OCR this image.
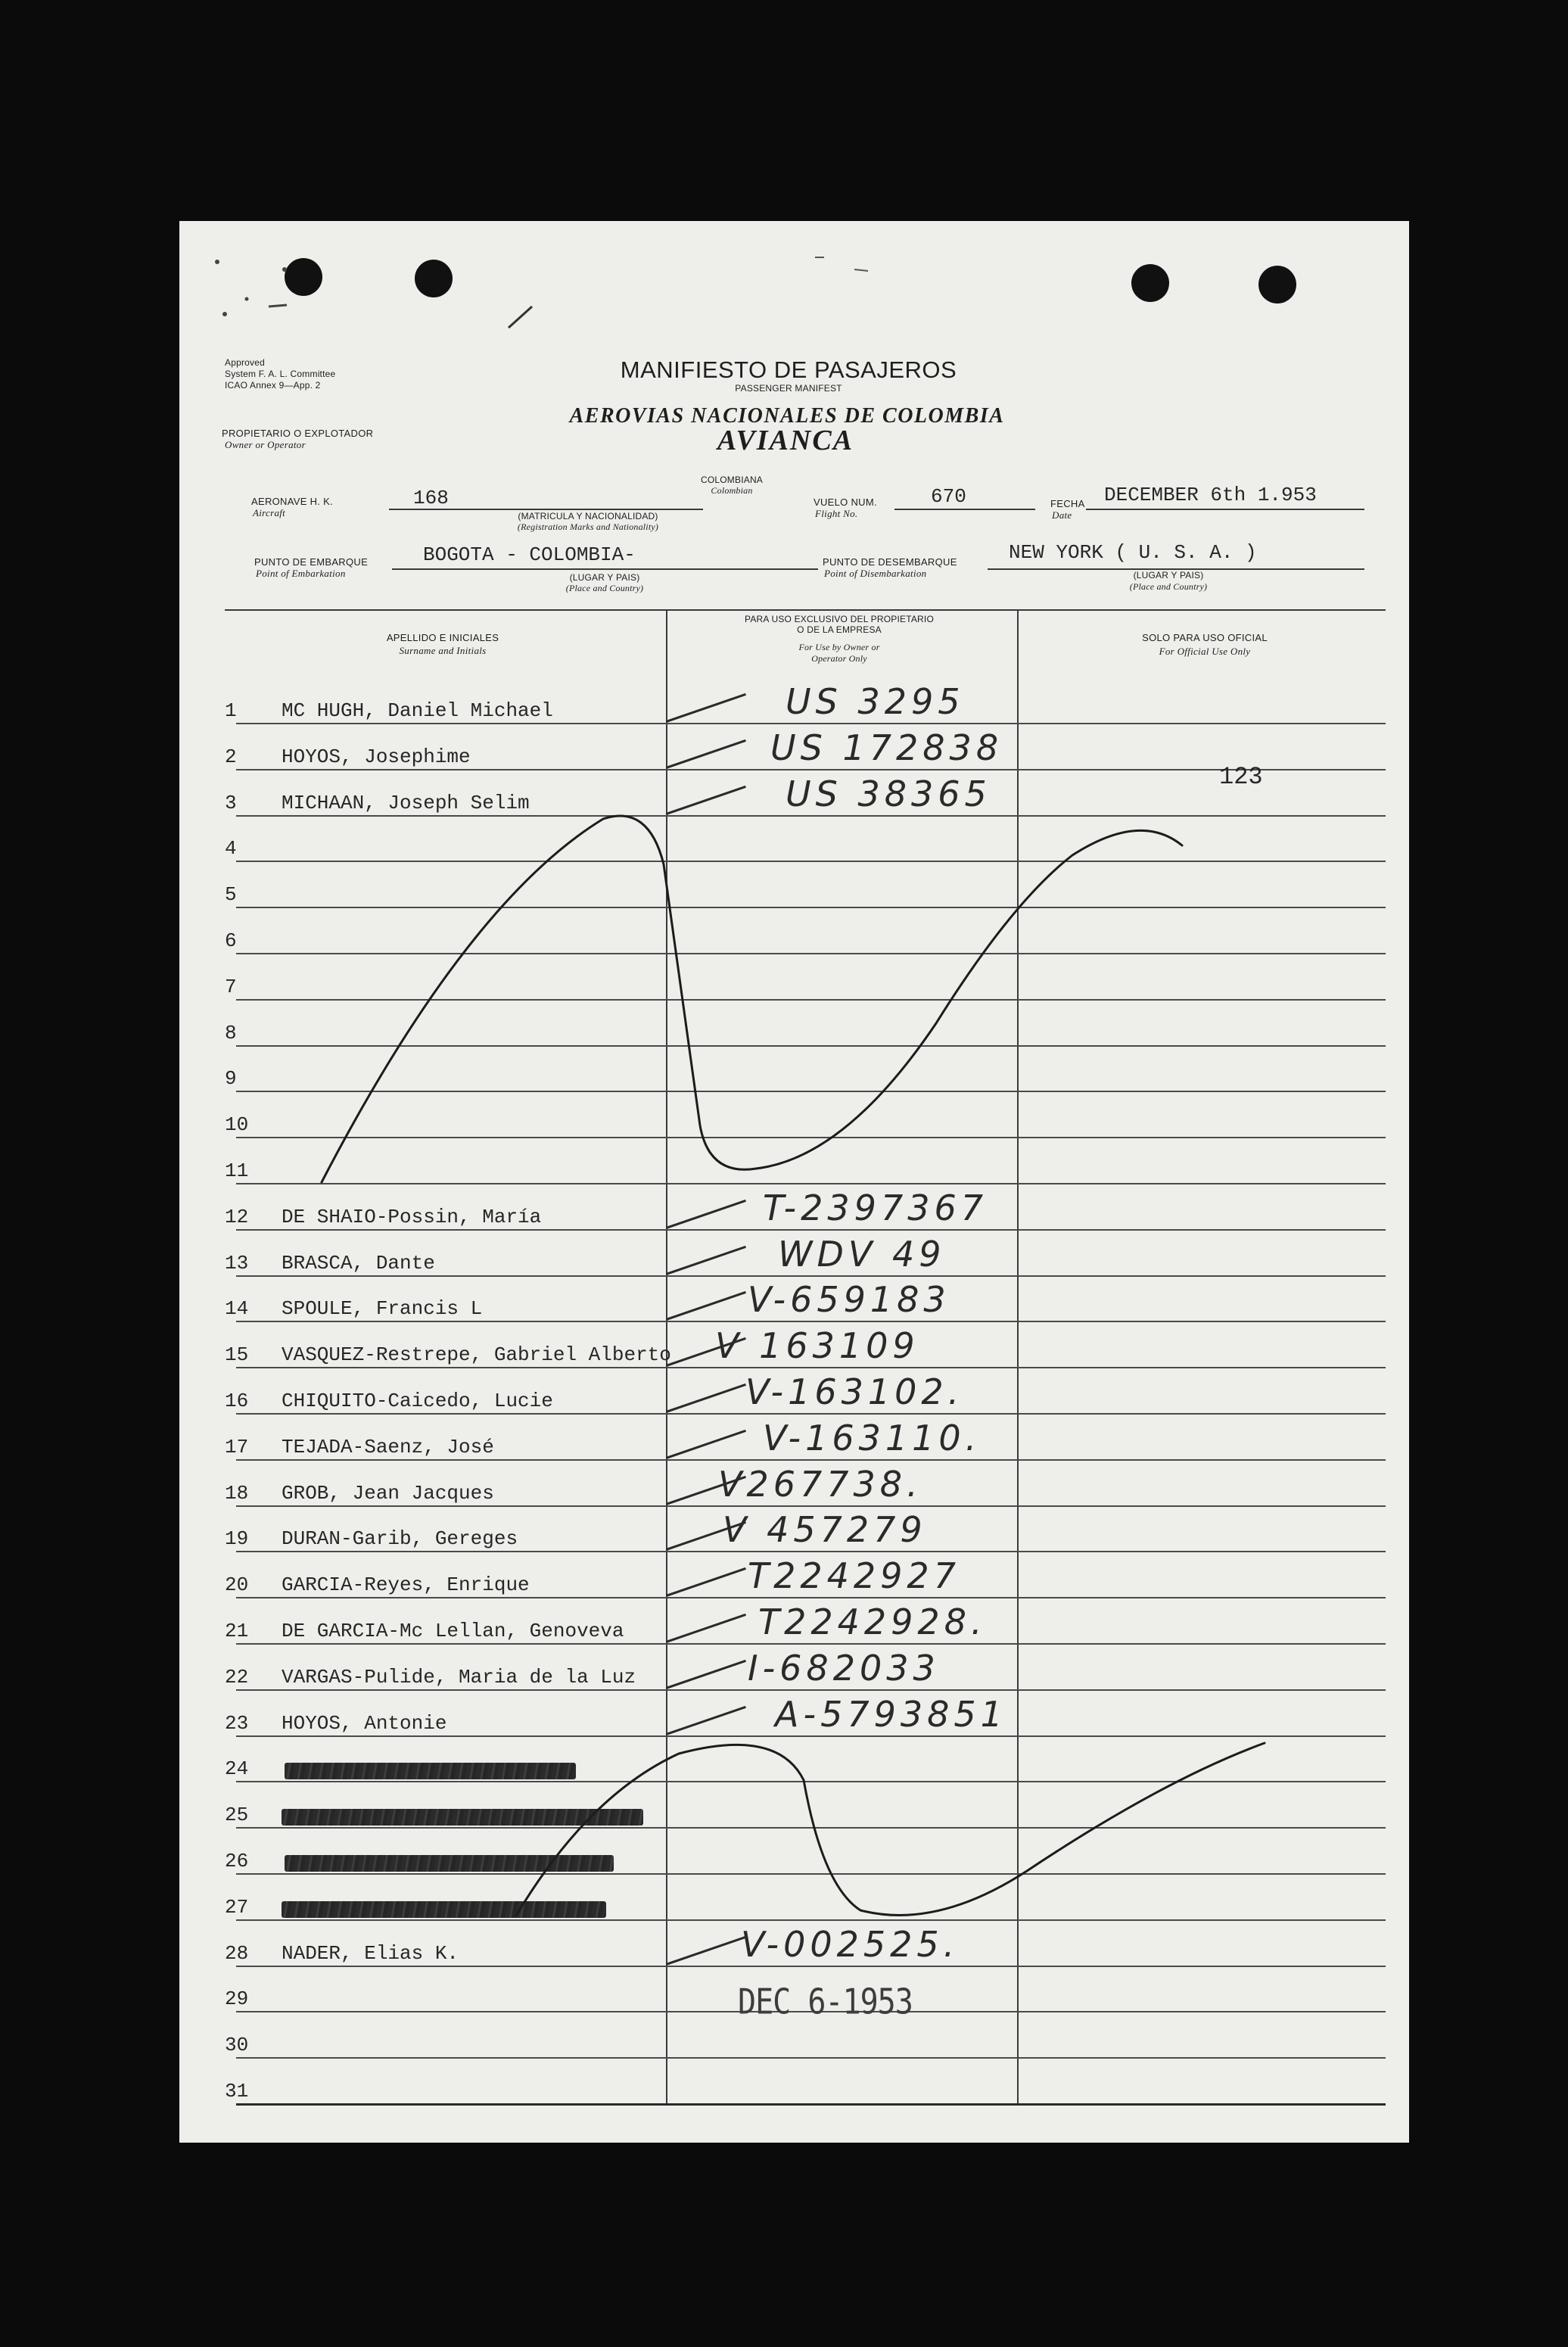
Approved
System F. A. L. Committee
ICAO Annex 9—App. 2
PROPIETARIO O EXPLOTADOR
Owner or Operator
MANIFIESTO DE PASAJEROS
PASSENGER MANIFEST
AEROVIAS NACIONALES DE COLOMBIA
AVIANCA
COLOMBIANA
Colombian
AERONAVE H. K.
Aircraft
168
(MATRICULA Y NACIONALIDAD)
(Registration Marks and Nationality)
VUELO NUM.
Flight No.
670	FECHA
Date
DECEMBER 6th 1.953
PUNTO DE EMBARQUE
Point of Embarkation
BOGOTA - COLOMBIA-
(LUGAR Y PAIS)
(Place and Country)
PUNTO DE DESEMBARQUE
Point of Disembarkation
NEW YORK ( U. S. A. )
(LUGAR Y PAIS)
(Place and Country)
APELLIDO E INICIALES
Surname and Initials
PARA USO EXCLUSIVO DEL PROPIETARIO
O DE LA EMPRESA
For Use by Owner or
Operator Only
SOLO PARA USO OFICIAL
For Official Use Only
1 MC HUGH, Daniel Michael	US 3295
2 HOYOS, Josephime	US 172838
3 MICHAAN, Joseph Selim	US 38365	123
4
5
6
7
8
9
10
11
12 DE SHAIO-Possin, María	T-2397367
13 BRASCA, Dante	WDV 49
14 SPOULE, Francis L	V-659183
15 VASQUEZ-Restrepe, Gabriel Alberto V 163109
16 CHIQUITO-Caicedo, Lucie	V-163102.
17 TEJADA-Saenz, José	V-163110.
18 GROB, Jean Jacques	V267738.
19 DURAN-Garib, Gereges	V 457279
20 GARCIA-Reyes, Enrique	T2242927
21 DE GARCIA-Mc Lellan, Genoveva	T2242928.
22 VARGAS-Pulide, Maria de la Luz	I-682033
23 HOYOS, Antonie	A-5793851
24
25
26
27
28 NADER, Elias K.	V-002525.
29
30
31
DEC 6-1953
